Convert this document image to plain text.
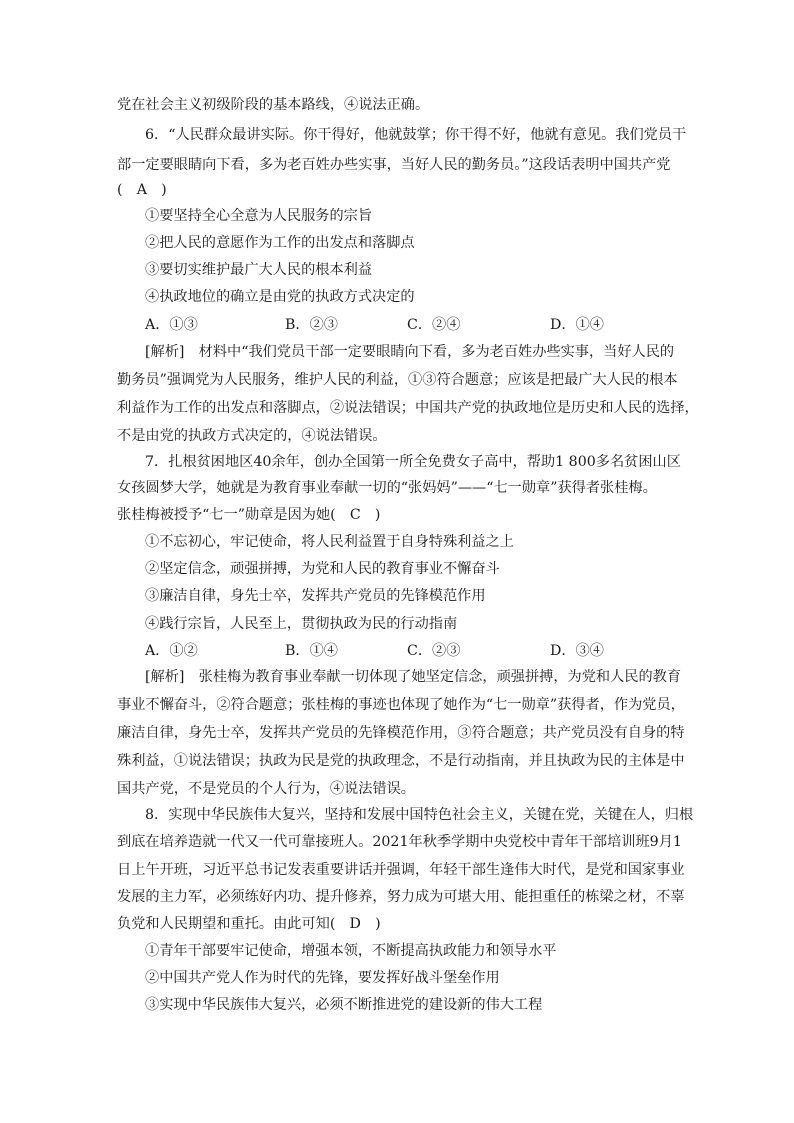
党在社会主义初级阶段的基本路线，④说法正确。
6．“人民群众最讲实际。你干得好，他就鼓掌；你干得不好，他就有意见。我们党员干
部一定要眼睛向下看，多为老百姓办些实事，当好人民的勤务员。”这段话表明中国共产党
(　A　)
①要坚持全心全意为人民服务的宗旨
②把人民的意愿作为工作的出发点和落脚点
③要切实维护最广大人民的根本利益
④执政地位的确立是由党的执政方式决定的
A．①③	B．②③	C．②④	D．①④
[解析]　材料中“我们党员干部一定要眼睛向下看，多为老百姓办些实事，当好人民的
勤务员”强调党为人民服务，维护人民的利益，①③符合题意；应该是把最广大人民的根本
利益作为工作的出发点和落脚点，②说法错误；中国共产党的执政地位是历史和人民的选择，
不是由党的执政方式决定的，④说法错误。
7．扎根贫困地区40余年，创办全国第一所全免费女子高中，帮助1 800多名贫困山区
女孩圆梦大学，她就是为教育事业奉献一切的“张妈妈”——“七一勋章”获得者张桂梅。
张桂梅被授予“七一”勋章是因为她(　C　)
①不忘初心，牢记使命，将人民利益置于自身特殊利益之上
②坚定信念，顽强拼搏，为党和人民的教育事业不懈奋斗
③廉洁自律，身先士卒，发挥共产党员的先锋模范作用
④践行宗旨，人民至上，贯彻执政为民的行动指南
A．①②	B．①④	C．②③	D．③④
[解析]　张桂梅为教育事业奉献一切体现了她坚定信念，顽强拼搏，为党和人民的教育
事业不懈奋斗，②符合题意；张桂梅的事迹也体现了她作为“七一勋章”获得者，作为党员，
廉洁自律，身先士卒，发挥共产党员的先锋模范作用，③符合题意；共产党员没有自身的特
殊利益，①说法错误；执政为民是党的执政理念，不是行动指南，并且执政为民的主体是中
国共产党，不是党员的个人行为，④说法错误。
8．实现中华民族伟大复兴，坚持和发展中国特色社会主义，关键在党，关键在人，归根
到底在培养造就一代又一代可靠接班人。2021年秋季学期中央党校中青年干部培训班9月1
日上午开班，习近平总书记发表重要讲话并强调，年轻干部生逢伟大时代，是党和国家事业
发展的主力军，必须练好内功、提升修养，努力成为可堪大用、能担重任的栋梁之材，不辜
负党和人民期望和重托。由此可知(　D　)
①青年干部要牢记使命，增强本领，不断提高执政能力和领导水平
②中国共产党人作为时代的先锋，要发挥好战斗堡垒作用
③实现中华民族伟大复兴，必须不断推进党的建设新的伟大工程
